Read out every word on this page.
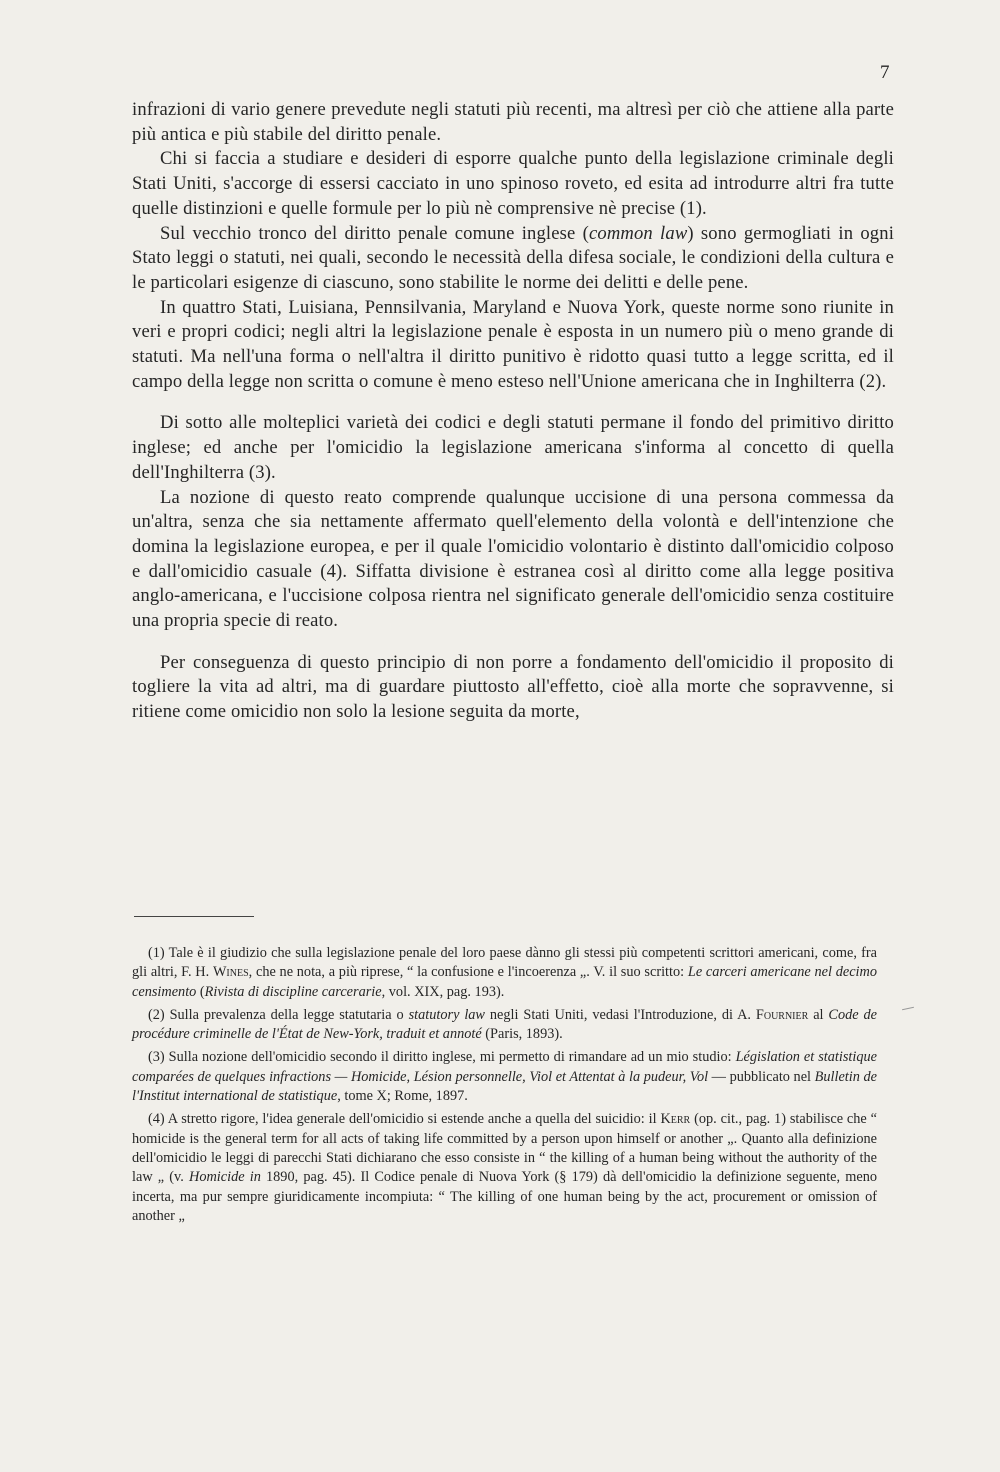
7

infrazioni di vario genere prevedute negli statuti più recenti, ma altresì per ciò che attiene alla parte più antica e più stabile del diritto penale.

Chi si faccia a studiare e desideri di esporre qualche punto della legislazione criminale degli Stati Uniti, s'accorge di essersi cacciato in uno spinoso roveto, ed esita ad introdurre altri fra tutte quelle distinzioni e quelle formule per lo più nè comprensive nè precise (1).

Sul vecchio tronco del diritto penale comune inglese (common law) sono germogliati in ogni Stato leggi o statuti, nei quali, secondo le necessità della difesa sociale, le condizioni della cultura e le particolari esigenze di ciascuno, sono stabilite le norme dei delitti e delle pene.

In quattro Stati, Luisiana, Pennsilvania, Maryland e Nuova York, queste norme sono riunite in veri e propri codici; negli altri la legislazione penale è esposta in un numero più o meno grande di statuti. Ma nell'una forma o nell'altra il diritto punitivo è ridotto quasi tutto a legge scritta, ed il campo della legge non scritta o comune è meno esteso nell'Unione americana che in Inghilterra (2).

Di sotto alle molteplici varietà dei codici e degli statuti permane il fondo del primitivo diritto inglese; ed anche per l'omicidio la legislazione americana s'informa al concetto di quella dell'Inghilterra (3).

La nozione di questo reato comprende qualunque uccisione di una persona commessa da un'altra, senza che sia nettamente affermato quell'elemento della volontà e dell'intenzione che domina la legislazione europea, e per il quale l'omicidio volontario è distinto dall'omicidio colposo e dall'omicidio casuale (4). Siffatta divisione è estranea così al diritto come alla legge positiva anglo-americana, e l'uccisione colposa rientra nel significato generale dell'omicidio senza costituire una propria specie di reato.

Per conseguenza di questo principio di non porre a fondamento dell'omicidio il proposito di togliere la vita ad altri, ma di guardare piuttosto all'effetto, cioè alla morte che sopravvenne, si ritiene come omicidio non solo la lesione seguita da morte,

(1) Tale è il giudizio che sulla legislazione penale del loro paese dànno gli stessi più competenti scrittori americani, come, fra gli altri, F. H. Wines, che ne nota, a più riprese, “ la confusione e l'incoerenza „. V. il suo scritto: Le carceri americane nel decimo censimento (Rivista di discipline carcerarie, vol. XIX, pag. 193).

(2) Sulla prevalenza della legge statutaria o statutory law negli Stati Uniti, vedasi l'Introduzione, di A. Fournier al Code de procédure criminelle de l'État de New-York, traduit et annoté (Paris, 1893).

(3) Sulla nozione dell'omicidio secondo il diritto inglese, mi permetto di rimandare ad un mio studio: Législation et statistique comparées de quelques infractions — Homicide, Lésion personnelle, Viol et Attentat à la pudeur, Vol — pubblicato nel Bulletin de l'Institut international de statistique, tome X; Rome, 1897.

(4) A stretto rigore, l'idea generale dell'omicidio si estende anche a quella del suicidio: il Kerr (op. cit., pag. 1) stabilisce che “ homicide is the general term for all acts of taking life committed by a person upon himself or another „. Quanto alla definizione dell'omicidio le leggi di parecchi Stati dichiarano che esso consiste in “ the killing of a human being without the authority of the law „ (v. Homicide in 1890, pag. 45). Il Codice penale di Nuova York (§ 179) dà dell'omicidio la definizione seguente, meno incerta, ma pur sempre giuridicamente incompiuta: “ The killing of one human being by the act, procurement or omission of another „
